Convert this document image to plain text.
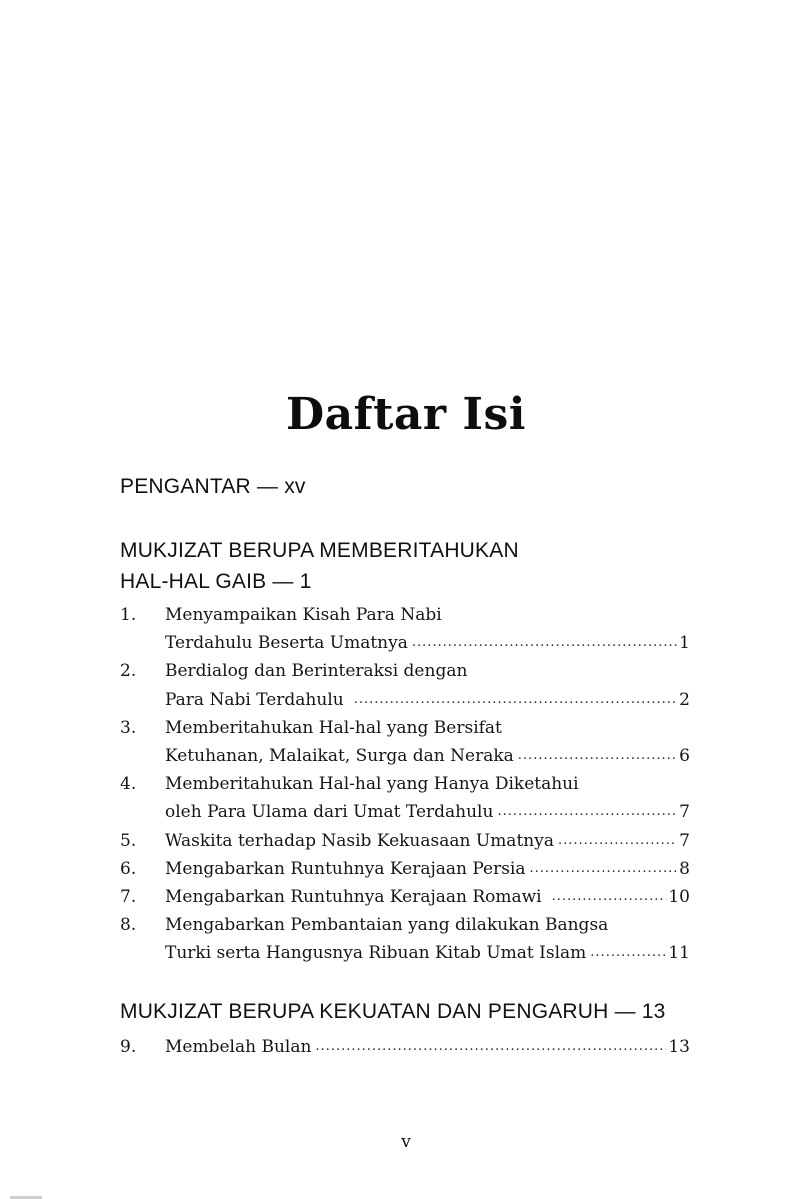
Daftar Isi
PENGANTAR — xv
MUKJIZAT BERUPA MEMBERITAHUKAN
HAL-HAL GAIB — 1
1.	Menyampaikan Kisah Para Nabi
Terdahulu Beserta Umatnya .....	1
2.	Berdialog dan Berinteraksi dengan
Para Nabi Terdahulu .....	2
3.	Memberitahukan Hal-hal yang Bersifat
Ketuhanan, Malaikat, Surga dan Neraka .....	6
4.	Memberitahukan Hal-hal yang Hanya Diketahui
oleh Para Ulama dari Umat Terdahulu .....	7
5.	Waskita terhadap Nasib Kekuasaan Umatnya .....	7
6.	Mengabarkan Runtuhnya Kerajaan Persia .....	8
7.	Mengabarkan Runtuhnya Kerajaan Romawi .....	10
8.	Mengabarkan Pembantaian yang dilakukan Bangsa
Turki serta Hangusnya Ribuan Kitab Umat Islam .....	11
MUKJIZAT BERUPA KEKUATAN DAN PENGARUH — 13
9.	Membelah Bulan .....	13
v
